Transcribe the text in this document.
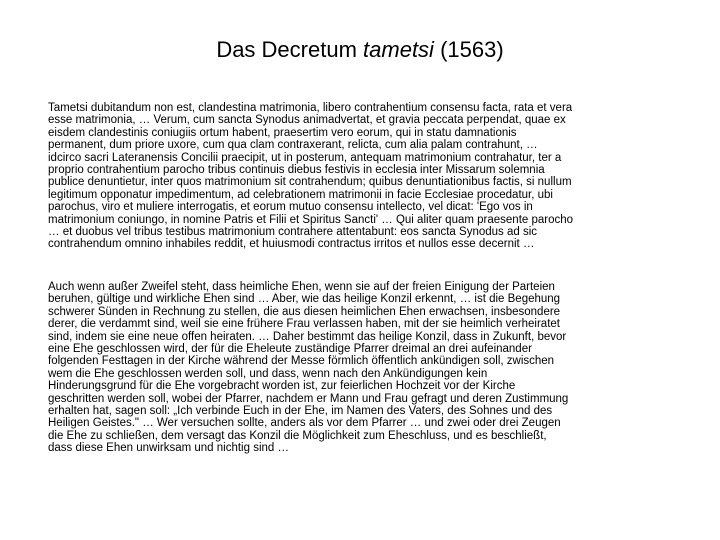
Das Decretum tametsi (1563)
Tametsi dubitandum non est, clandestina matrimonia, libero contrahentium consensu facta, rata et vera
esse matrimonia, … Verum, cum sancta Synodus animadvertat, et gravia peccata perpendat, quae ex
eisdem clandestinis coniugiis ortum habent, praesertim vero eorum, qui in statu damnationis
permanent, dum priore uxore, cum qua clam contraxerant, relicta, cum alia palam contrahunt, …
idcirco sacri Lateranensis Concilii praecipit, ut in posterum, antequam matrimonium contrahatur, ter a
proprio contrahentium parocho tribus continuis diebus festivis in ecclesia inter Missarum solemnia
publice denuntietur, inter quos matrimonium sit contrahendum; quibus denuntiationibus factis, si nullum
legitimum opponatur impedimentum, ad celebrationem matrimonii in facie Ecclesiae procedatur, ubi
parochus, viro et muliere interrogatis, et eorum mutuo consensu intellecto, vel dicat: 'Ego vos in
matrimonium coniungo, in nomine Patris et Filii et Spiritus Sancti' … Qui aliter quam praesente parocho
… et duobus vel tribus testibus matrimonium contrahere attentabunt: eos sancta Synodus ad sic
contrahendum omnino inhabiles reddit, et huiusmodi contractus irritos et nullos esse decernit …
Auch wenn außer Zweifel steht, dass heimliche Ehen, wenn sie auf der freien Einigung der Parteien
beruhen, gültige und wirkliche Ehen sind … Aber, wie das heilige Konzil erkennt, … ist die Begehung
schwerer Sünden in Rechnung zu stellen, die aus diesen heimlichen Ehen erwachsen, insbesondere
derer, die verdammt sind, weil sie eine frühere Frau verlassen haben, mit der sie heimlich verheiratet
sind, indem sie eine neue offen heiraten. … Daher bestimmt das heilige Konzil, dass in Zukunft, bevor
eine Ehe geschlossen wird, der für die Eheleute zuständige Pfarrer dreimal an drei aufeinander
folgenden Festtagen in der Kirche während der Messe förmlich öffentlich ankündigen soll, zwischen
wem die Ehe geschlossen werden soll, und dass, wenn nach den Ankündigungen kein
Hinderungsgrund für die Ehe vorgebracht worden ist, zur feierlichen Hochzeit vor der Kirche
geschritten werden soll, wobei der Pfarrer, nachdem er Mann und Frau gefragt und deren Zustimmung
erhalten hat, sagen soll: „Ich verbinde Euch in der Ehe, im Namen des Vaters, des Sohnes und des
Heiligen Geistes." … Wer versuchen sollte, anders als vor dem Pfarrer … und zwei oder drei Zeugen
die Ehe zu schließen, dem versagt das Konzil die Möglichkeit zum Eheschluss, und es beschließt,
dass diese Ehen unwirksam und nichtig sind …
